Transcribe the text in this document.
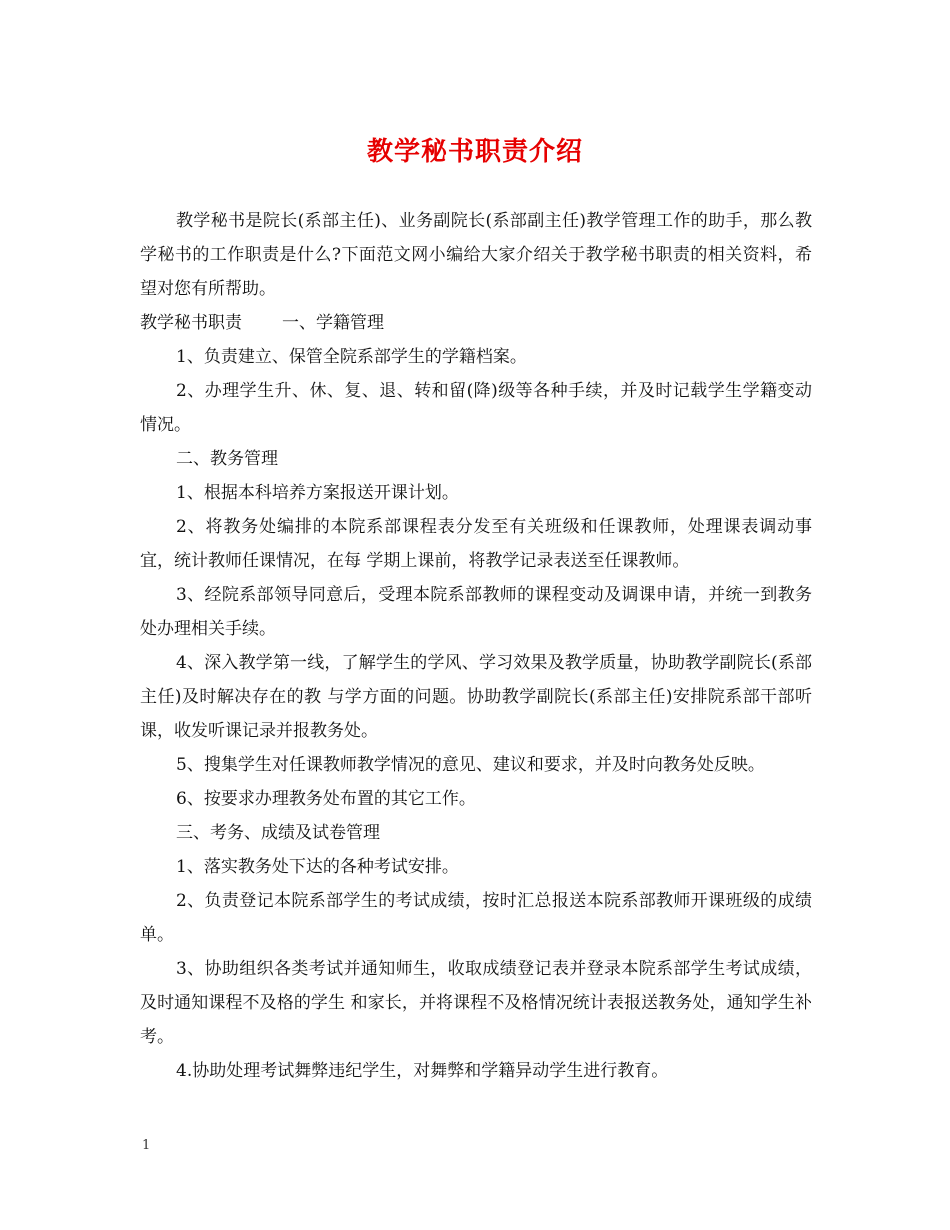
教学秘书职责介绍

教学秘书是院长(系部主任)、业务副院长(系部副主任)教学管理工作的助手，那么教学秘书的工作职责是什么?下面范文网小编给大家介绍关于教学秘书职责的相关资料，希望对您有所帮助。

教学秘书职责 一、学籍管理

1、负责建立、保管全院系部学生的学籍档案。

2、办理学生升、休、复、退、转和留(降)级等各种手续，并及时记载学生学籍变动情况。

二、教务管理

1、根据本科培养方案报送开课计划。

2、将教务处编排的本院系部课程表分发至有关班级和任课教师，处理课表调动事宜，统计教师任课情况，在每 学期上课前，将教学记录表送至任课教师。

3、经院系部领导同意后，受理本院系部教师的课程变动及调课申请，并统一到教务处办理相关手续。

4、深入教学第一线，了解学生的学风、学习效果及教学质量，协助教学副院长(系部主任)及时解决存在的教 与学方面的问题。协助教学副院长(系部主任)安排院系部干部听课，收发听课记录并报教务处。

5、搜集学生对任课教师教学情况的意见、建议和要求，并及时向教务处反映。

6、按要求办理教务处布置的其它工作。

三、考务、成绩及试卷管理

1、落实教务处下达的各种考试安排。

2、负责登记本院系部学生的考试成绩，按时汇总报送本院系部教师开课班级的成绩单。

3、协助组织各类考试并通知师生，收取成绩登记表并登录本院系部学生考试成绩，及时通知课程不及格的学生 和家长，并将课程不及格情况统计表报送教务处，通知学生补考。

4.协助处理考试舞弊违纪学生，对舞弊和学籍异动学生进行教育。

1
